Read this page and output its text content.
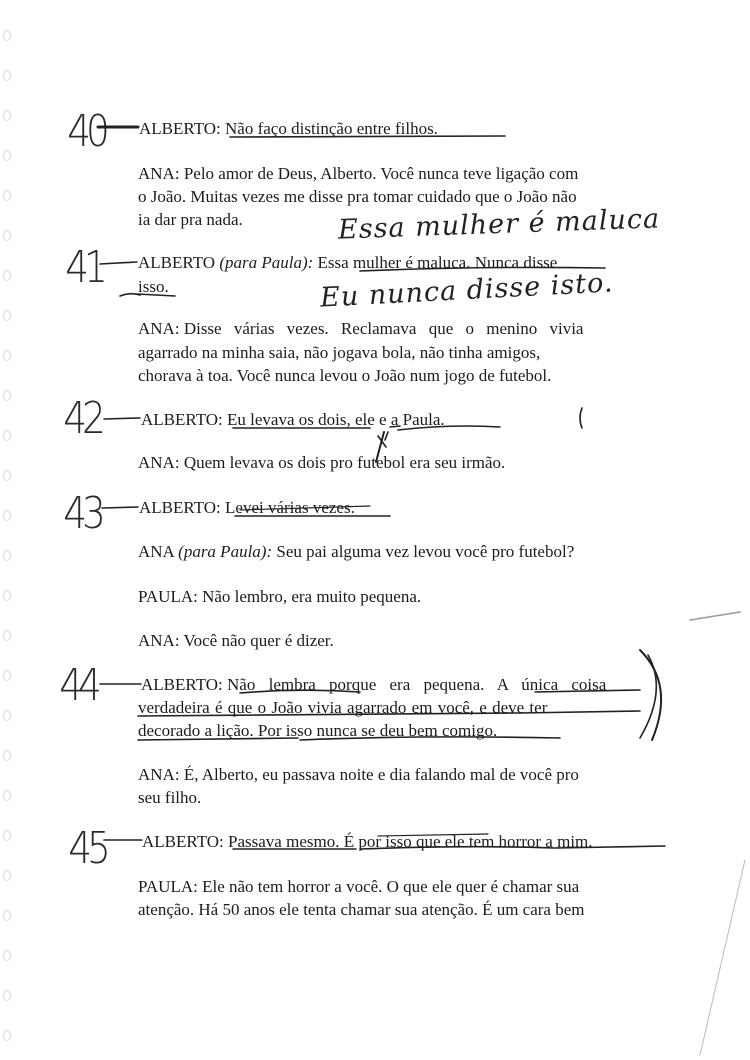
ALBERTO: Não faço distinção entre filhos.
ANA: Pelo amor de Deus, Alberto. Você nunca teve ligação com
o João. Muitas vezes me disse pra tomar cuidado que o João não
ia dar pra nada.
ALBERTO (para Paula): Essa mulher é maluca. Nunca disse
isso.
ANA: Disse várias vezes. Reclamava que o menino vivia
agarrado na minha saia, não jogava bola, não tinha amigos,
chorava à toa. Você nunca levou o João num jogo de futebol.
ALBERTO: Eu levava os dois, ele e a Paula.
ANA: Quem levava os dois pro futebol era seu irmão.
ALBERTO: Levei várias vezes.
ANA (para Paula): Seu pai alguma vez levou você pro futebol?
PAULA: Não lembro, era muito pequena.
ANA: Você não quer é dizer.
ALBERTO: Não lembra porque era pequena. A única coisa
verdadeira é que o João vivia agarrado em você, e deve ter
decorado a lição. Por isso nunca se deu bem comigo.
ANA: É, Alberto, eu passava noite e dia falando mal de você pro
seu filho.
ALBERTO: Passava mesmo. É por isso que ele tem horror a mim.
PAULA: Ele não tem horror a você. O que ele quer é chamar sua
atenção. Há 50 anos ele tenta chamar sua atenção. É um cara bem
Essa mulher é maluca
Eu nunca disse isto.
40
41
42
43
44
45
